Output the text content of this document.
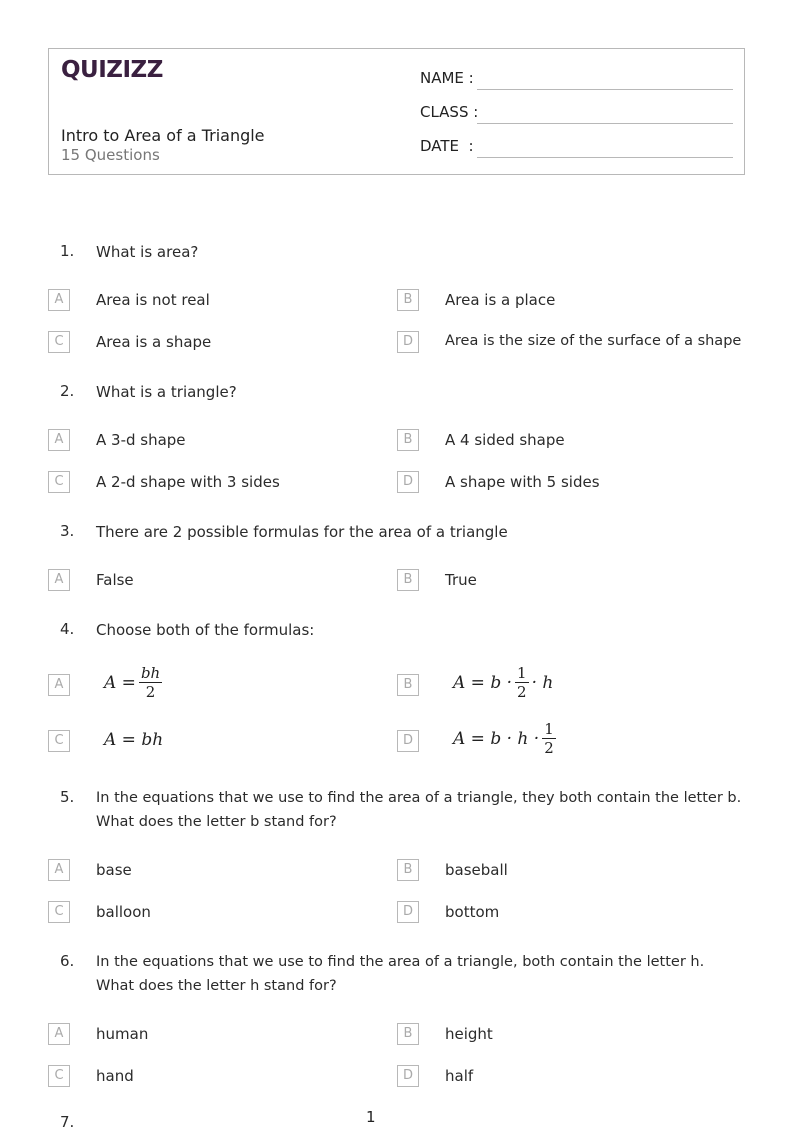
QUIZIZZ
Intro to Area of a Triangle
15 Questions
NAME :
CLASS :
DATE  :
1. What is area?
A	Area is not real	B	Area is a place
C	Area is a shape	D	Area is the size of the surface of a shape
2. What is a triangle?
A	A 3-d shape	B	A 4 sided shape
C	A 2-d shape with 3 sides	D	A shape with 5 sides
3. There are 2 possible formulas for the area of a triangle
A	False	B	True
4. Choose both of the formulas:
A	$A = \frac{bh}{2}$	B	$A = b \cdot \frac{1}{2} \cdot h$
C	A = bh	D	$A = b \cdot h \cdot \frac{1}{2}$
5. In the equations that we use to find the area of a triangle, they both contain the letter b.
What does the letter b stand for?
A	base	B	baseball
C	balloon	D	bottom
6. In the equations that we use to find the area of a triangle, both contain the letter h.
What does the letter h stand for?
A	human	B	height
C	hand	D	half
7.	1
